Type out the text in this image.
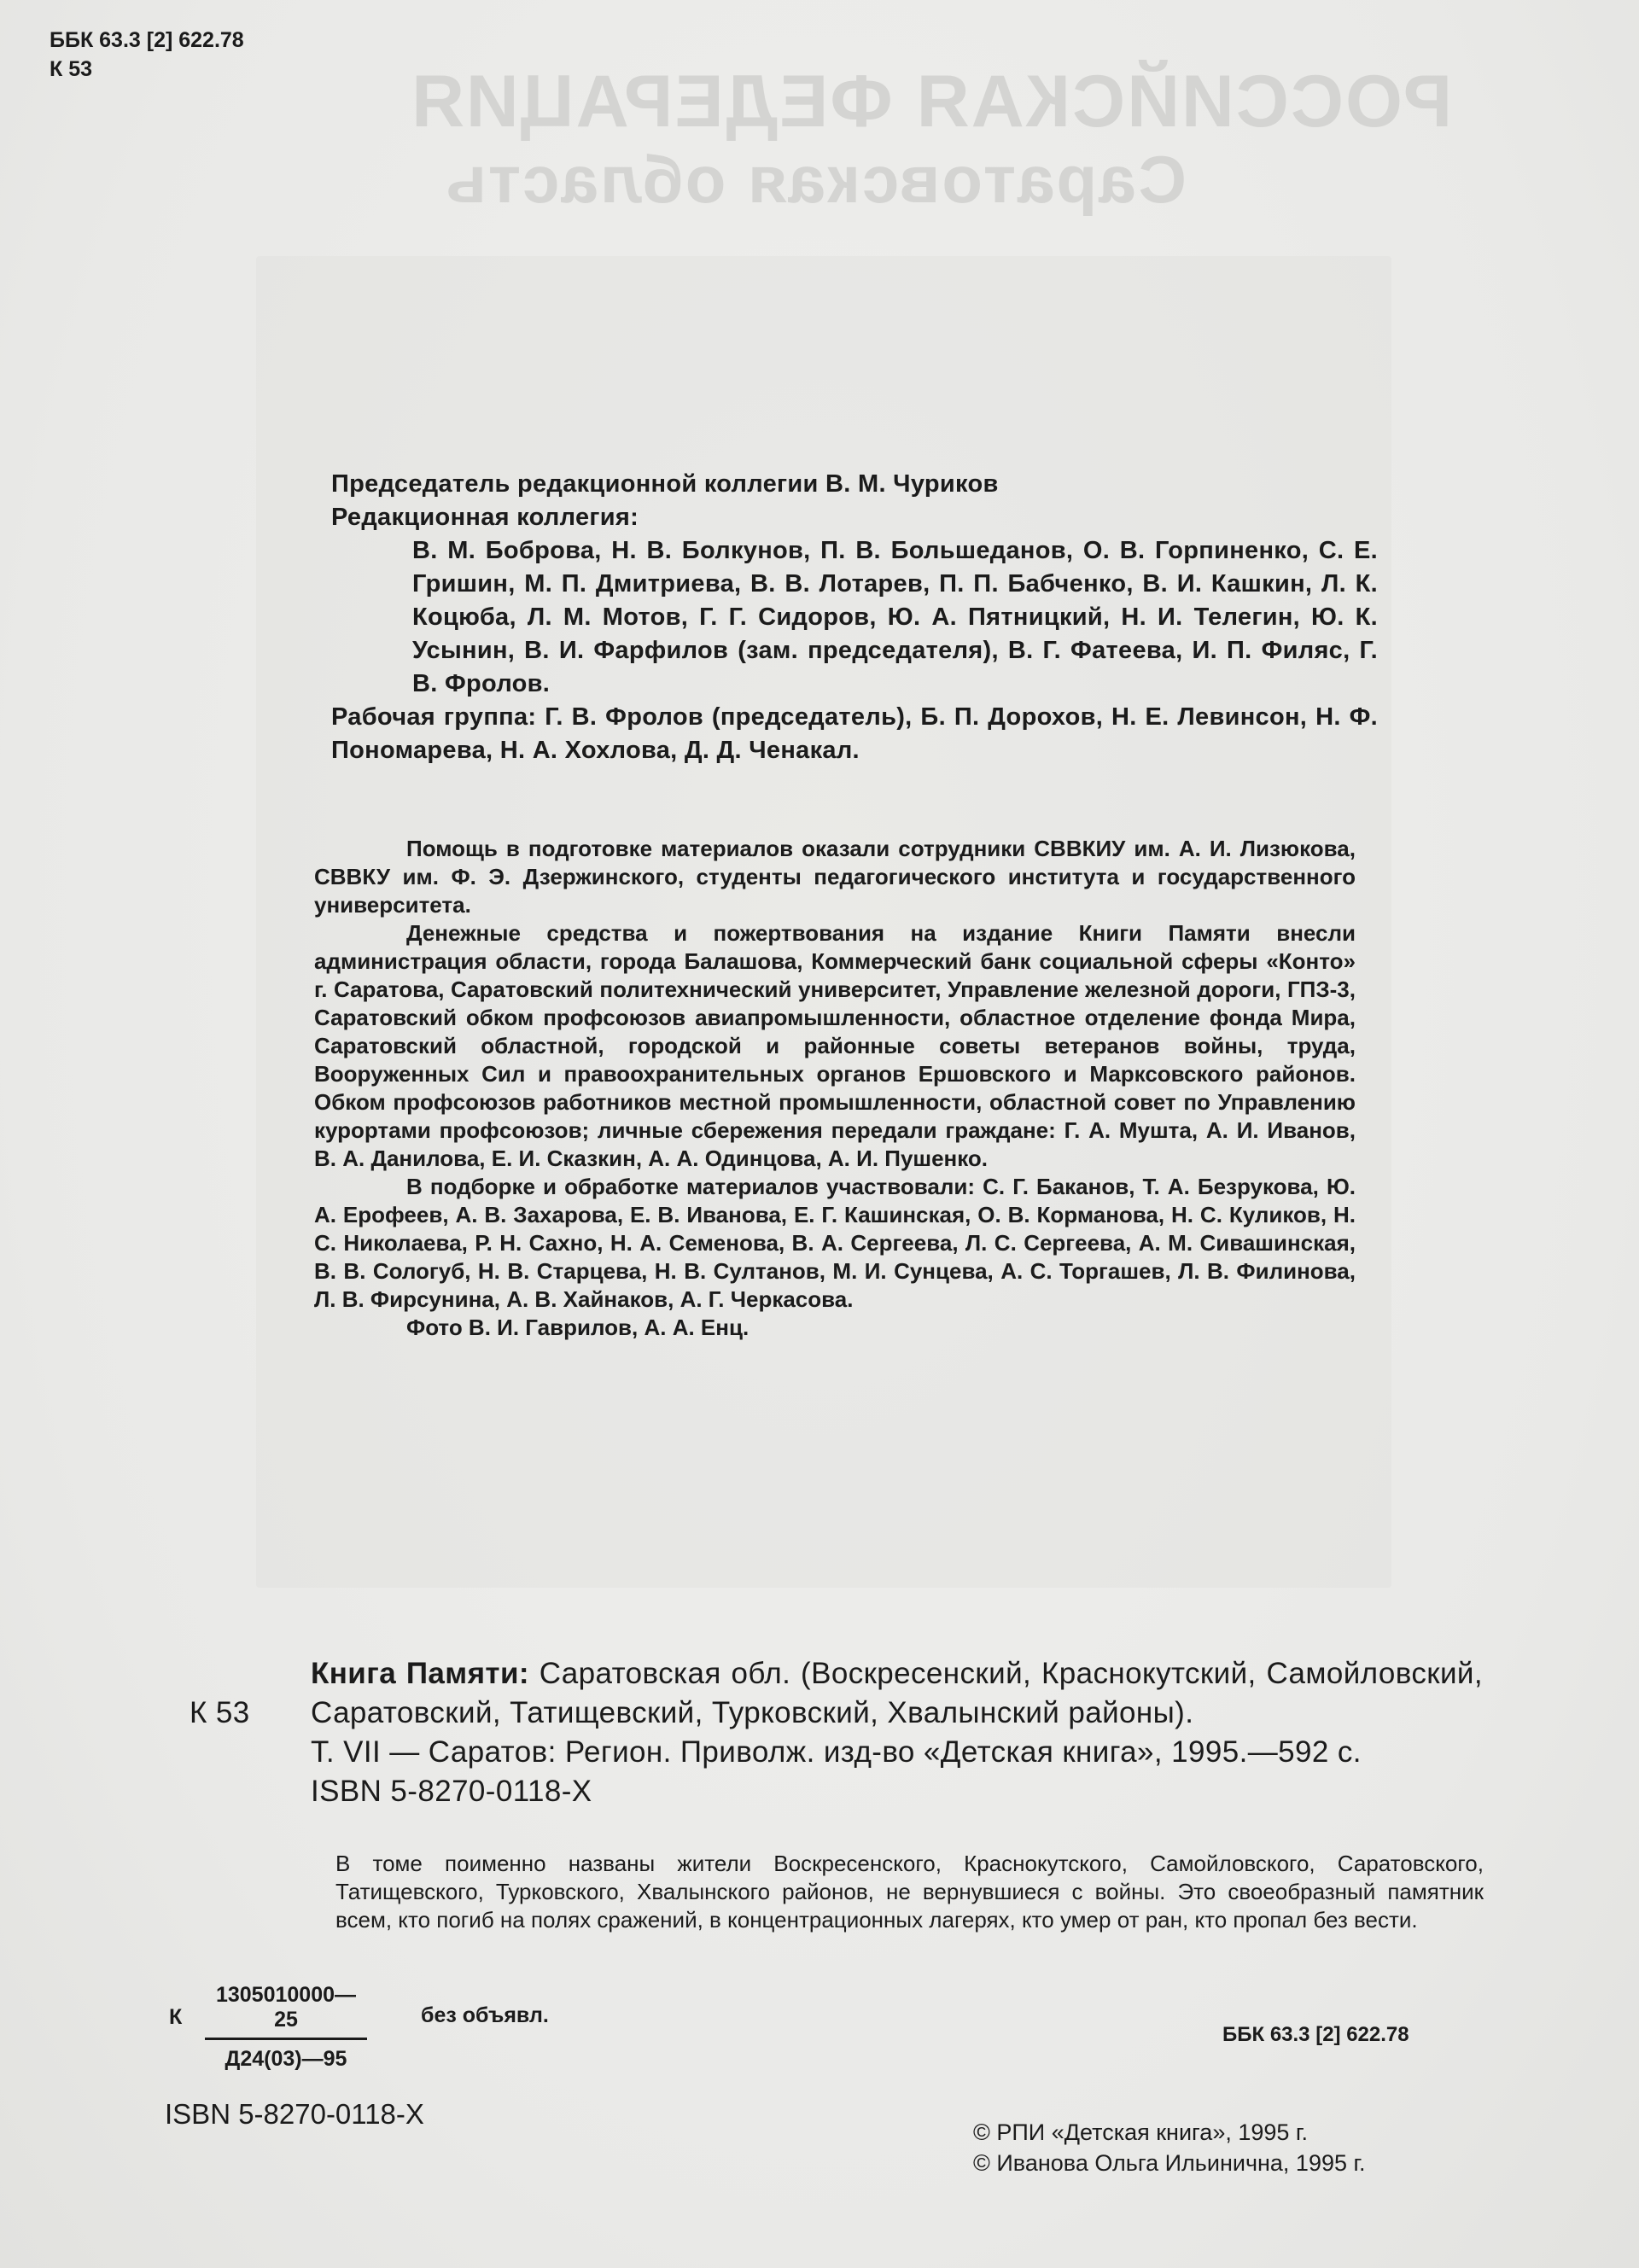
РОССИЙСКАЯ ФЕДЕРАЦИЯ
Саратовская область
ББК 63.3 [2] 622.78
К 53

Председатель редакционной коллегии В. М. Чуриков

Редакционная коллегия:

В. М. Боброва, Н. В. Болкунов, П. В. Большеданов, О. В. Горпиненко, С. Е. Гришин, М. П. Дмитриева, В. В. Лотарев, П. П. Бабченко, В. И. Кашкин, Л. К. Коцюба, Л. М. Мотов, Г. Г. Сидоров, Ю. А. Пятницкий, Н. И. Телегин, Ю. К. Усынин, В. И. Фарфилов (зам. председателя), В. Г. Фатеева, И. П. Филяс, Г. В. Фролов.

Рабочая группа: Г. В. Фролов (председатель), Б. П. Дорохов, Н. Е. Левинсон, Н. Ф. Пономарева, Н. А. Хохлова, Д. Д. Ченакал.

Помощь в подготовке материалов оказали сотрудники СВВКИУ им. А. И. Лизюкова, СВВКУ им. Ф. Э. Дзержинского, студенты педагогического института и государственного университета.

Денежные средства и пожертвования на издание Книги Памяти внесли администрация области, города Балашова, Коммерческий банк социальной сферы «Конто» г. Саратова, Саратовский политехнический университет, Управление железной дороги, ГПЗ-3, Саратовский обком профсоюзов авиапромышленности, областное отделение фонда Мира, Саратовский областной, городской и районные советы ветеранов войны, труда, Вооруженных Сил и правоохранительных органов Ершовского и Марксовского районов. Обком профсоюзов работников местной промышленности, областной совет по Управлению курортами профсоюзов; личные сбережения передали граждане: Г. А. Мушта, А. И. Иванов, В. А. Данилова, Е. И. Сказкин, А. А. Одинцова, А. И. Пушенко.

В подборке и обработке материалов участвовали: С. Г. Баканов, Т. А. Безрукова, Ю. А. Ерофеев, А. В. Захарова, Е. В. Иванова, Е. Г. Кашинская, О. В. Корманова, Н. С. Куликов, Н. С. Николаева, Р. Н. Сахно, Н. А. Семенова, В. А. Сергеева, Л. С. Сергеева, А. М. Сивашинская, В. В. Сологуб, Н. В. Старцева, Н. В. Султанов, М. И. Сунцева, А. С. Торгашев, Л. В. Филинова, Л. В. Фирсунина, А. В. Хайнаков, А. Г. Черкасова.

Фото В. И. Гаврилов, А. А. Енц.

К 53
Книга Памяти: Саратовская обл. (Воскресенский, Краснокутский, Самойловский, Саратовский, Татищевский, Турковский, Хвалынский районы).
Т. VII — Саратов: Регион. Приволж. изд-во «Детская книга», 1995.—592 с.
ISBN 5-8270-0118-X

В томе поименно названы жители Воскресенского, Краснокутского, Самойловского, Саратовского, Татищевского, Турковского, Хвалынского районов, не вернувшиеся с войны. Это своеобразный памятник всем, кто погиб на полях сражений, в концентрационных лагерях, кто умер от ран, кто пропал без вести.

К
1305010000—25
Д24(03)—95
без объявл.
ББК 63.3 [2] 622.78
ISBN 5-8270-0118-X
© РПИ «Детская книга», 1995 г.
© Иванова Ольга Ильинична, 1995 г.
